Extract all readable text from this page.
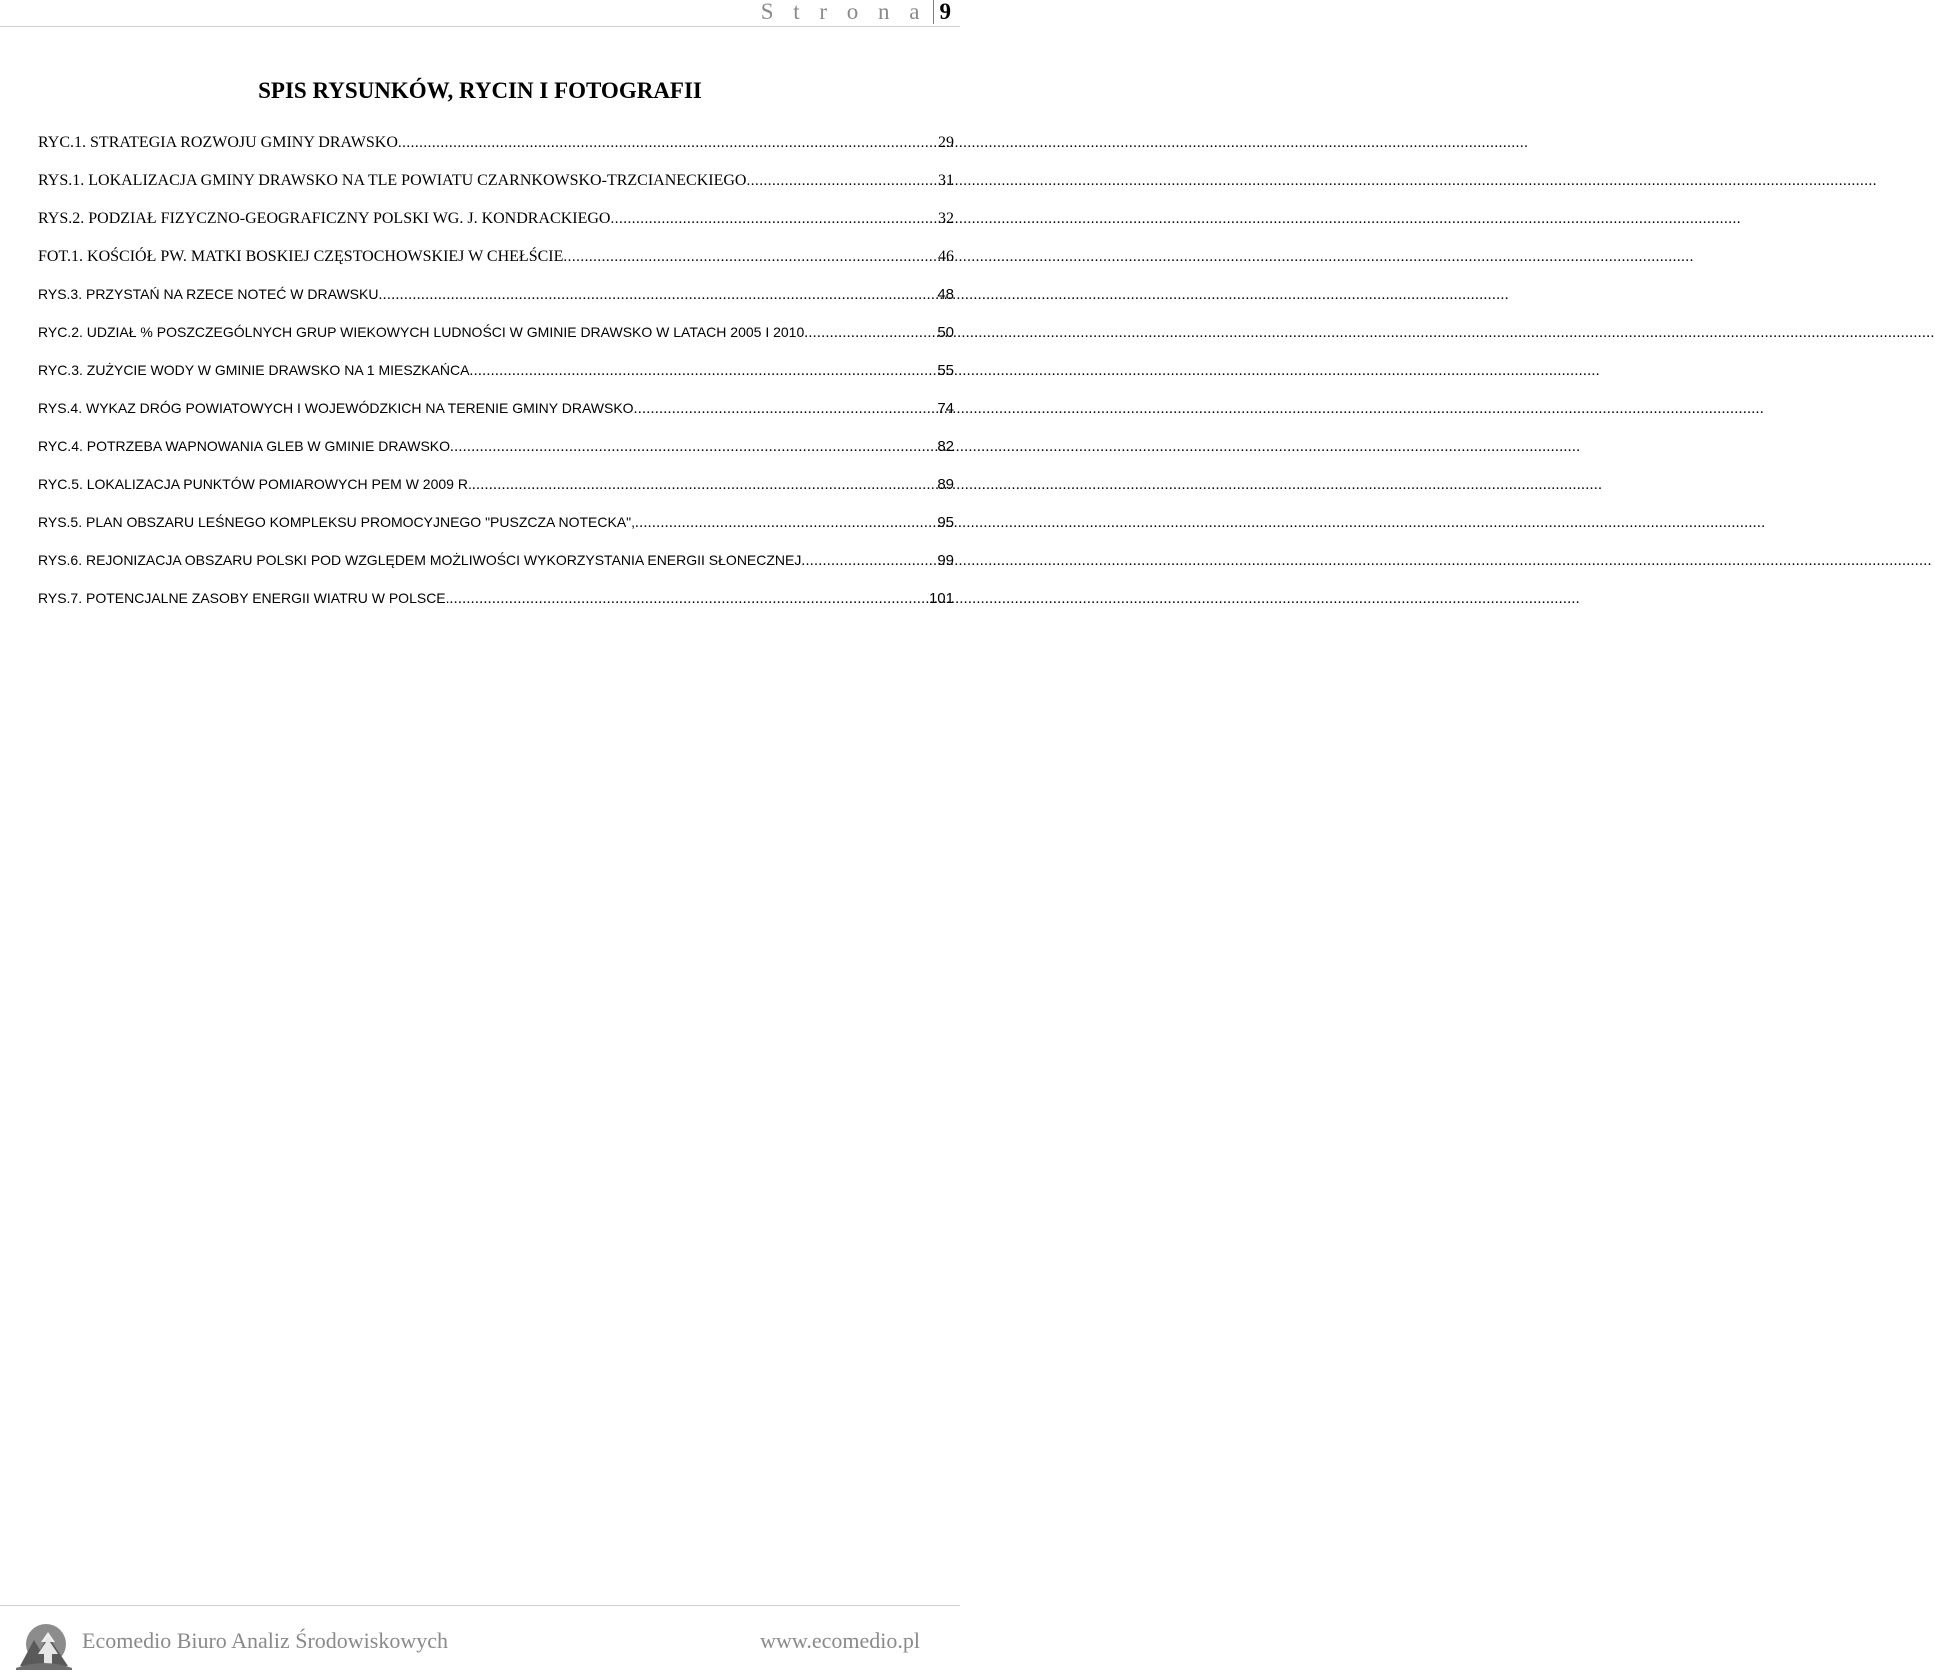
S t r o n a 9
SPIS RYSUNKÓW, RYCIN I FOTOGRAFII
RYC.1. STRATEGIA ROZWOJU GMINY DRAWSKO .....	29
RYS.1. LOKALIZACJA GMINY DRAWSKO NA TLE POWIATU CZARNKOWSKO-TRZCIANECKIEGO .....	31
RYS.2. PODZIAŁ FIZYCZNO-GEOGRAFICZNY POLSKI WG. J. KONDRACKIEGO .....	32
FOT.1. KOŚCIÓŁ PW. MATKI BOSKIEJ CZĘSTOCHOWSKIEJ W CHEŁŚCIE .....	46
RYS.3. PRZYSTAŃ NA RZECE NOTEĆ W DRAWSKU .....	48
RYC.2. UDZIAŁ % POSZCZEGÓLNYCH GRUP WIEKOWYCH LUDNOŚCI W GMINIE DRAWSKO W LATACH 2005 I 2010 .....	50
RYC.3. ZUŻYCIE WODY W GMINIE DRAWSKO NA 1 MIESZKAŃCA .....	55
RYS.4. WYKAZ DRÓG POWIATOWYCH I WOJEWÓDZKICH NA TERENIE GMINY DRAWSKO .....	74
RYC.4. POTRZEBA WAPNOWANIA GLEB W GMINIE DRAWSKO .....	82
RYC.5. LOKALIZACJA PUNKTÓW POMIAROWYCH PEM W 2009 R. .....	89
RYS.5. PLAN OBSZARU LEŚNEGO KOMPLEKSU PROMOCYJNEGO "PUSZCZA NOTECKA", .....	95
RYS.6. REJONIZACJA OBSZARU POLSKI POD WZGLĘDEM MOŻLIWOŚCI WYKORZYSTANIA ENERGII SŁONECZNEJ .....	99
RYS.7. POTENCJALNE ZASOBY ENERGII WIATRU W POLSCE. .....	101
Ecomedio Biuro Analiz Środowiskowych	www.ecomedio.pl
